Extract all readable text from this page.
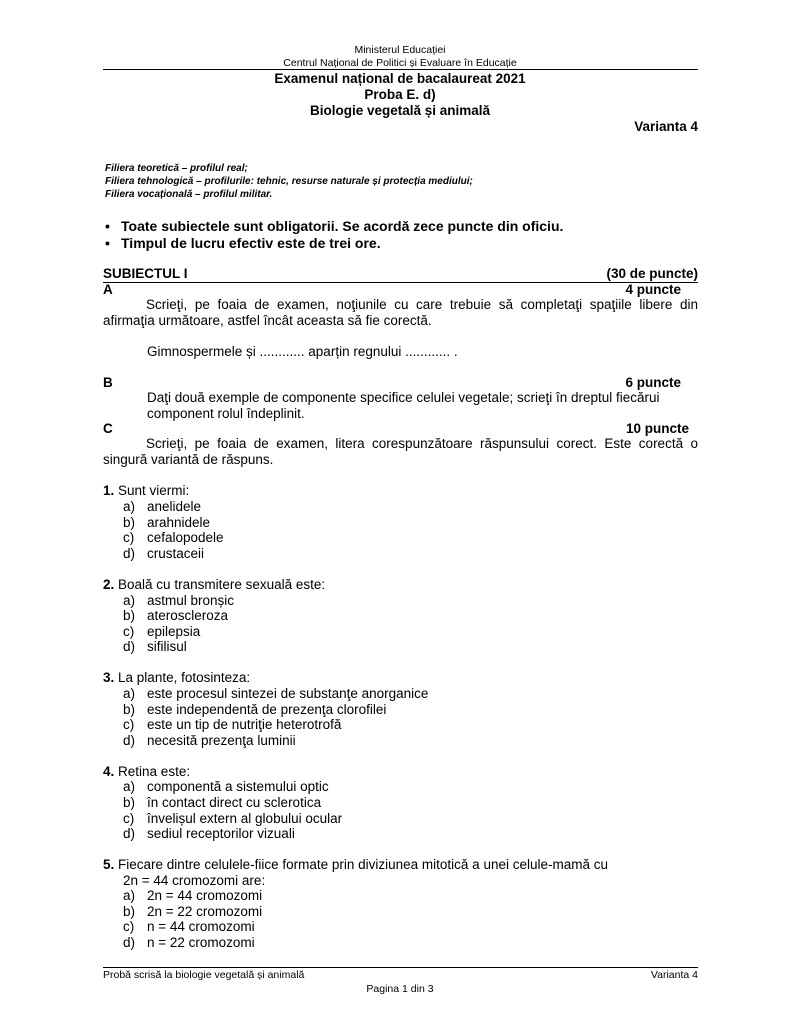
Ministerul Educației
Centrul Național de Politici și Evaluare în Educație
Examenul național de bacalaureat 2021
Proba E. d)
Biologie vegetală și animală
Varianta 4
Filiera teoretică – profilul real;
Filiera tehnologică – profilurile: tehnic, resurse naturale și protecția mediului;
Filiera vocațională – profilul militar.
• Toate subiectele sunt obligatorii. Se acordă zece puncte din oficiu.
• Timpul de lucru efectiv este de trei ore.
SUBIECTUL I	(30 de puncte)
A	4 puncte
Scrieţi, pe foaia de examen, noţiunile cu care trebuie să completaţi spaţiile libere din afirmaţia următoare, astfel încât aceasta să fie corectă.
Gimnospermele și ............ aparțin regnului ............ .
B	6 puncte
Daţi două exemple de componente specifice celulei vegetale; scrieţi în dreptul fiecărui component rolul îndeplinit.
C	10 puncte
Scrieţi, pe foaia de examen, litera corespunzătoare răspunsului corect. Este corectă o singură variantă de răspuns.
1. Sunt viermi:
a) anelidele
b) arahnidele
c) cefalopodele
d) crustaceii
2. Boală cu transmitere sexuală este:
a) astmul bronșic
b) ateroscleroza
c) epilepsia
d) sifilisul
3. La plante, fotosinteza:
a) este procesul sintezei de substanţe anorganice
b) este independentă de prezenţa clorofilei
c) este un tip de nutriţie heterotrofă
d) necesită prezenţa luminii
4. Retina este:
a) componentă a sistemului optic
b) în contact direct cu sclerotica
c) învelișul extern al globului ocular
d) sediul receptorilor vizuali
5. Fiecare dintre celulele-fiice formate prin diviziunea mitotică a unei celule-mamă cu
2n = 44 cromozomi are:
a) 2n = 44 cromozomi
b) 2n = 22 cromozomi
c) n = 44 cromozomi
d) n = 22 cromozomi
Probă scrisă la biologie vegetală și animală	Varianta 4
Pagina 1 din 3
